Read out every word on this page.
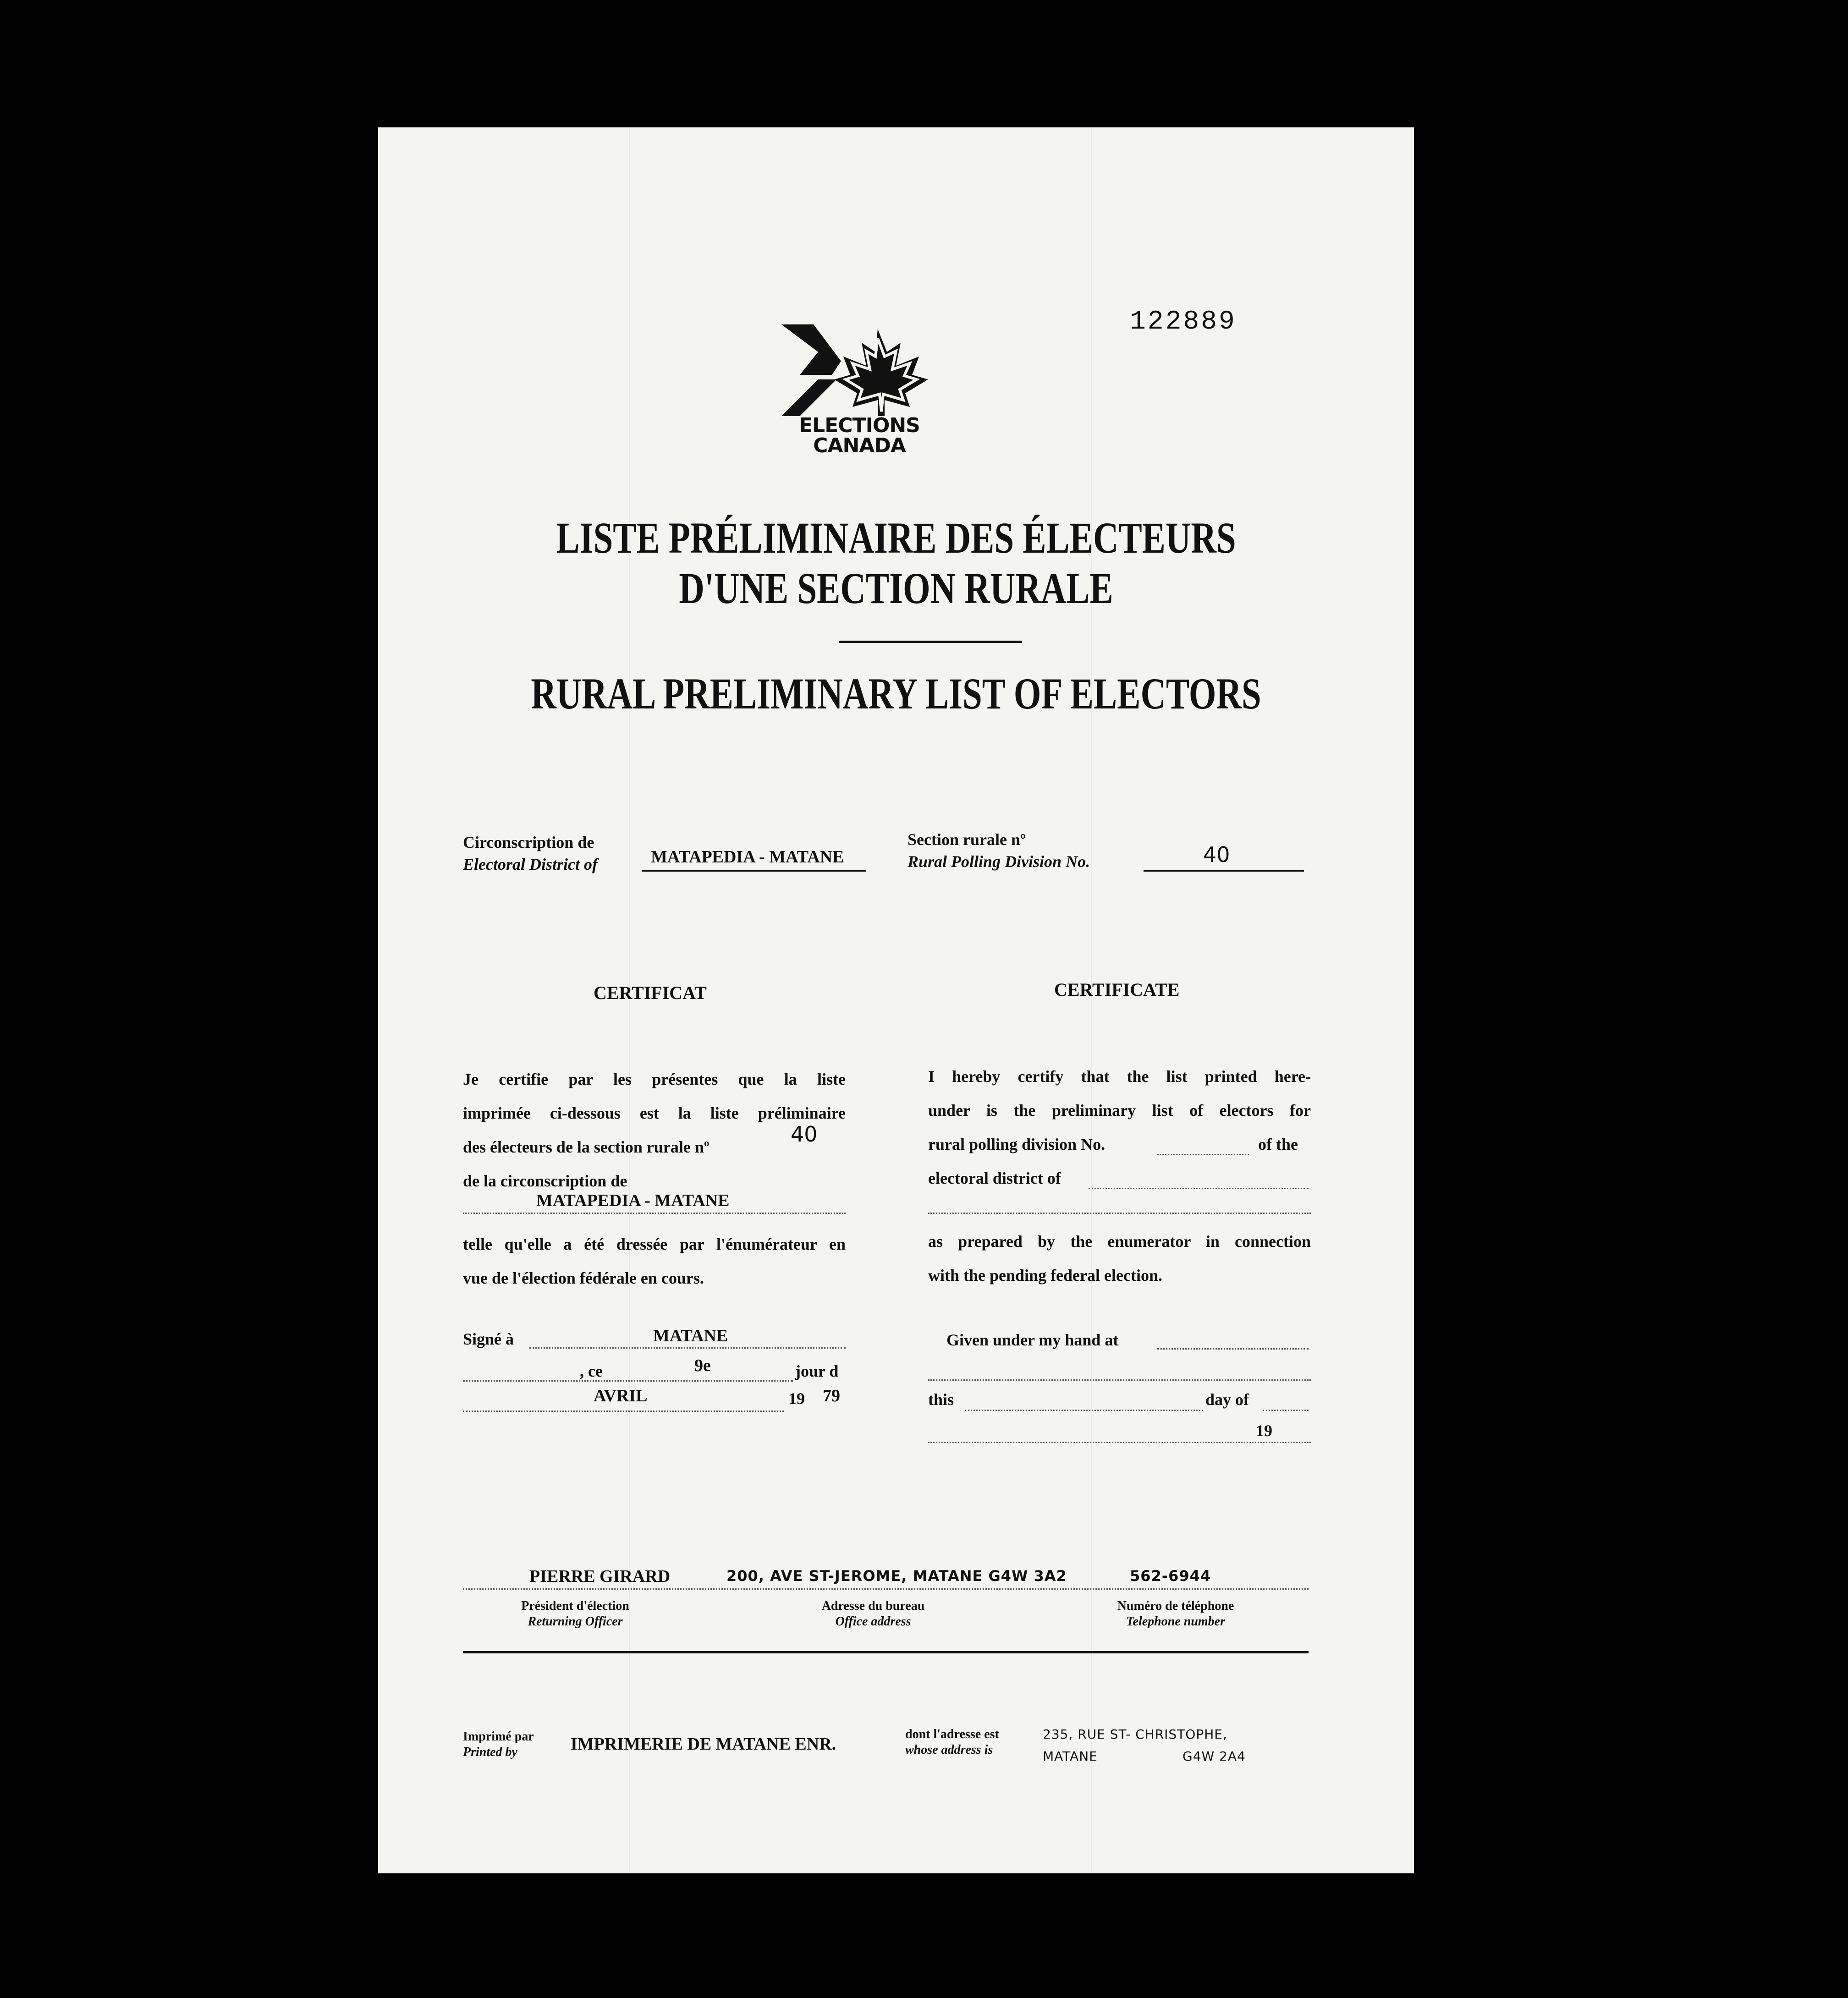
122889
ELECTIONS
CANADA
LISTE PRÉLIMINAIRE DES ÉLECTEURS
D'UNE SECTION RURALE
RURAL PRELIMINARY LIST OF ELECTORS
Circonscription de
Electoral District of	MATAPEDIA - MATANE
Section rurale nº
Rural Polling Division No.	40
CERTIFICAT
Je certifie par les présentes que la liste
imprimée ci-dessous est la liste préliminaire
des électeurs de la section rurale nº
de la circonscription de
40
MATAPEDIA - MATANE
telle qu'elle a été dressée par l'énumérateur en
vue de l'élection fédérale en cours.
Signé à	MATANE
, ce	9e	jour d
AVRIL	19 79
CERTIFICATE
I hereby certify that the list printed here-
under is the preliminary list of electors for
rural polling division No.
electoral district of
of the
as prepared by the enumerator in connection
with the pending federal election.
Given under my hand at
this	day of
19
PIERRE GIRARD	200, AVE ST-JEROME, MATANE G4W 3A2	562-6944
Président d'élection
Returning Officer
Adresse du bureau
Office address
Numéro de téléphone
Telephone number
Imprimé par
Printed by	IMPRIMERIE DE MATANE ENR.
dont l'adresse est
whose address is
235, RUE ST- CHRISTOPHE,
MATANE	G4W 2A4
